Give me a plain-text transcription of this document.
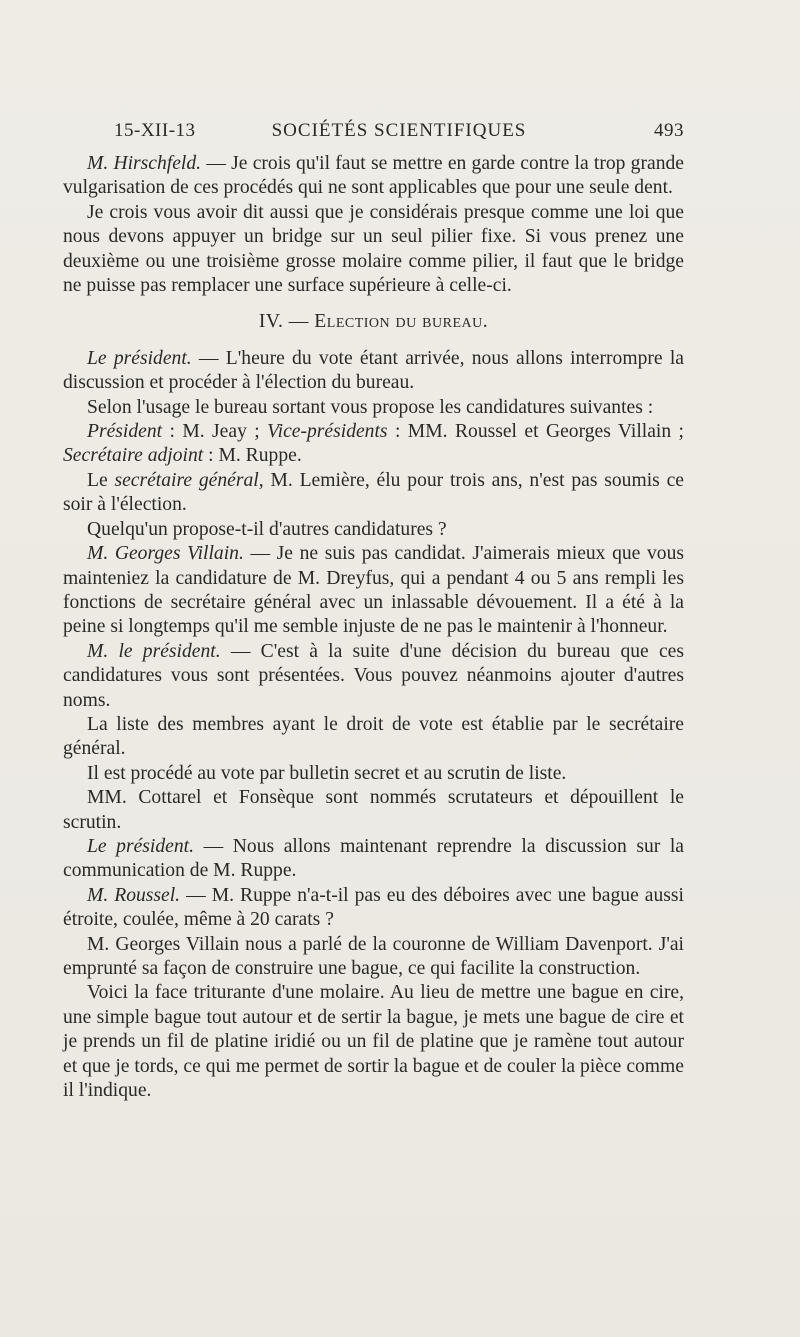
15-XII-13	SOCIÉTÉS SCIENTIFIQUES	493

M. Hirschfeld. — Je crois qu'il faut se mettre en garde contre la trop grande vulgarisation de ces procédés qui ne sont applicables que pour une seule dent.

Je crois vous avoir dit aussi que je considérais presque comme une loi que nous devons appuyer un bridge sur un seul pilier fixe. Si vous prenez une deuxième ou une troisième grosse molaire comme pilier, il faut que le bridge ne puisse pas remplacer une surface supérieure à celle-ci.

IV. — Election du bureau.

Le président. — L'heure du vote étant arrivée, nous allons interrompre la discussion et procéder à l'élection du bureau.

Selon l'usage le bureau sortant vous propose les candidatures suivantes :

Président : M. Jeay ; Vice-présidents : MM. Roussel et Georges Villain ; Secrétaire adjoint : M. Ruppe.

Le secrétaire général, M. Lemière, élu pour trois ans, n'est pas soumis ce soir à l'élection.

Quelqu'un propose-t-il d'autres candidatures ?

M. Georges Villain. — Je ne suis pas candidat. J'aimerais mieux que vous mainteniez la candidature de M. Dreyfus, qui a pendant 4 ou 5 ans rempli les fonctions de secrétaire général avec un inlassable dévouement. Il a été à la peine si longtemps qu'il me semble injuste de ne pas le maintenir à l'honneur.

M. le président. — C'est à la suite d'une décision du bureau que ces candidatures vous sont présentées. Vous pouvez néanmoins ajouter d'autres noms.

La liste des membres ayant le droit de vote est établie par le secrétaire général.

Il est procédé au vote par bulletin secret et au scrutin de liste.

MM. Cottarel et Fonsèque sont nommés scrutateurs et dépouillent le scrutin.

Le président. — Nous allons maintenant reprendre la discussion sur la communication de M. Ruppe.

M. Roussel. — M. Ruppe n'a-t-il pas eu des déboires avec une bague aussi étroite, coulée, même à 20 carats ?

M. Georges Villain nous a parlé de la couronne de William Davenport. J'ai emprunté sa façon de construire une bague, ce qui facilite la construction.

Voici la face triturante d'une molaire. Au lieu de mettre une bague en cire, une simple bague tout autour et de sertir la bague, je mets une bague de cire et je prends un fil de platine iridié ou un fil de platine que je ramène tout autour et que je tords, ce qui me permet de sortir la bague et de couler la pièce comme il l'indique.
